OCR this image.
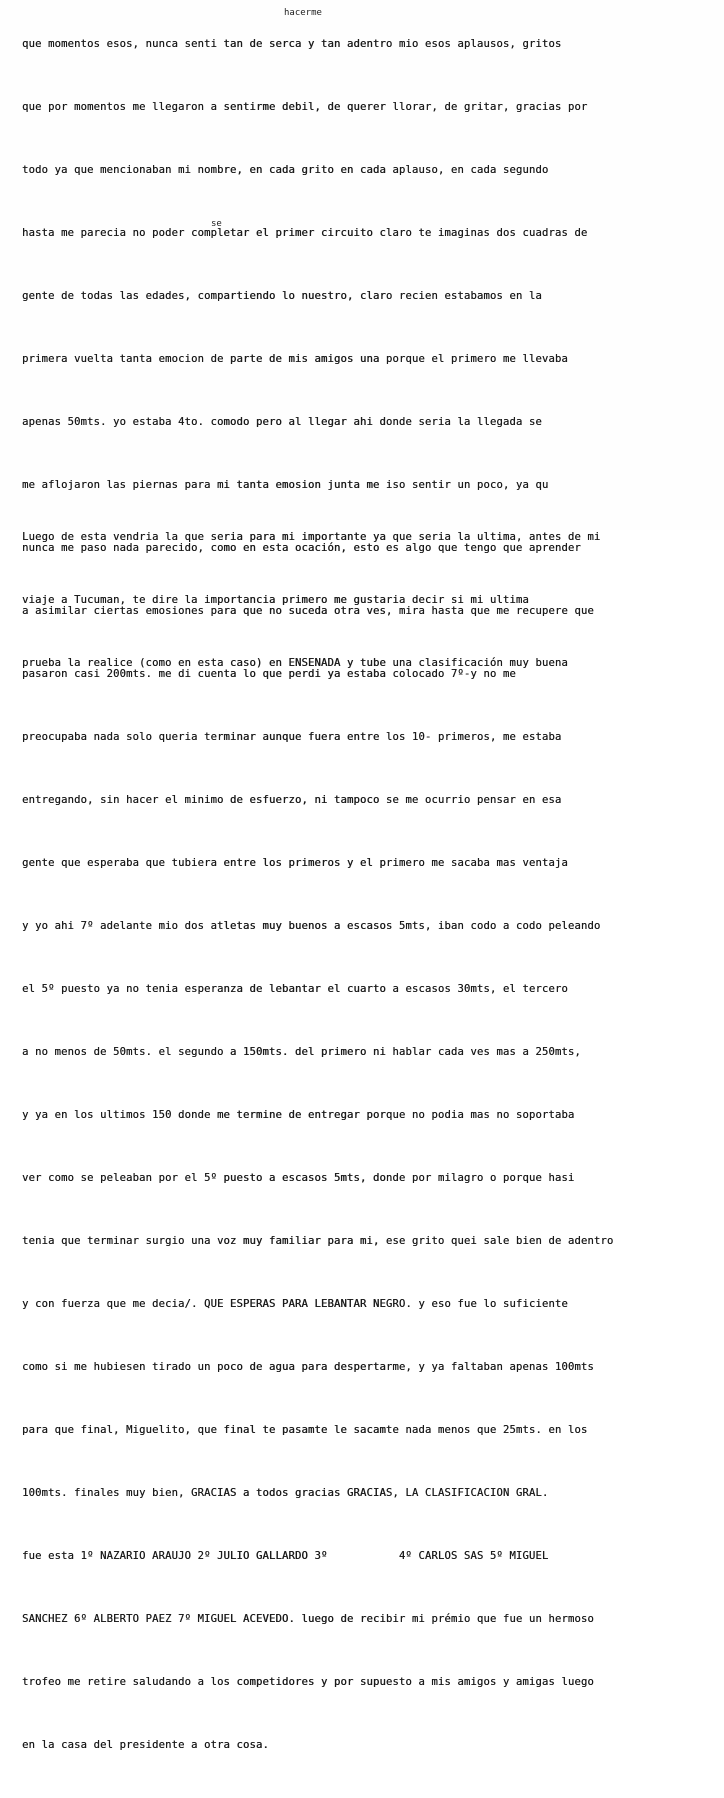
que momentos esos, nunca senti tan de serca y tan adentro mio esos aplausos, gritos

que por momentos me llegaron a sentirme debil, de querer llorar, de gritar, gracias por

todo ya que mencionaban mi nombre, en cada grito en cada aplauso, en cada segundo

hasta me parecia no poder completar el primer circuito claro te imaginas dos cuadras de

gente de todas las edades, compartiendo lo nuestro, claro recien estabamos en la

primera vuelta tanta emocion de parte de mis amigos una porque el primero me llevaba

apenas 50mts. yo estaba 4to. comodo pero al llegar ahi donde seria la llegada se

me aflojaron las piernas para mi tanta emosion junta me iso sentir un poco, ya qu

nunca me paso nada parecido, como en esta ocación, esto es algo que tengo que aprender

a asimilar ciertas emosiones para que no suceda otra ves, mira hasta que me recupere que

pasaron casi 200mts. me di cuenta lo que perdi ya estaba colocado 7º-y no me

preocupaba nada solo queria terminar aunque fuera entre los 10- primeros, me estaba

entregando, sin hacer el minimo de esfuerzo, ni tampoco se me ocurrio pensar en esa

gente que esperaba que tubiera entre los primeros y el primero me sacaba mas ventaja

y yo ahi 7º adelante mio dos atletas muy buenos a escasos 5mts, iban codo a codo peleando

el 5º puesto ya no tenia esperanza de lebantar el cuarto a escasos 30mts, el tercero

a no menos de 50mts. el segundo a 150mts. del primero ni hablar cada ves mas a 250mts,

y ya en los ultimos 150 donde me termine de entregar porque no podia mas no soportaba

ver como se peleaban por el 5º puesto a escasos 5mts, donde por milagro o porque hasi

tenia que terminar surgio una voz muy familiar para mi, ese grito quei sale bien de adentro

y con fuerza que me decia/. QUE ESPERAS PARA LEBANTAR NEGRO. y eso fue lo suficiente

como si me hubiesen tirado un poco de agua para despertarme, y ya faltaban apenas 100mts

para que final, Miguelito, que final te pasamte le sacamte nada menos que 25mts. en los

100mts. finales muy bien, GRACIAS a todos gracias GRACIAS, LA CLASIFICACION GRAL.

fue esta 1º NAZARIO ARAUJO 2º JULIO GALLARDO 3º           4º CARLOS SAS 5º MIGUEL

SANCHEZ 6º ALBERTO PAEZ 7º MIGUEL ACEVEDO. luego de recibir mi prémio que fue un hermoso

trofeo me retire saludando a los competidores y por supuesto a mis amigos y amigas luego

en la casa del presidente a otra cosa.

Luego de esta vendria la que seria para mi importante ya que seria la ultima, antes de mi

viaje a Tucuman, te dire la importancia primero me gustaria decir si mi ultima

prueba la realice (como en esta caso) en ENSENADA y tube una clasificación muy buena

hacerme
se
